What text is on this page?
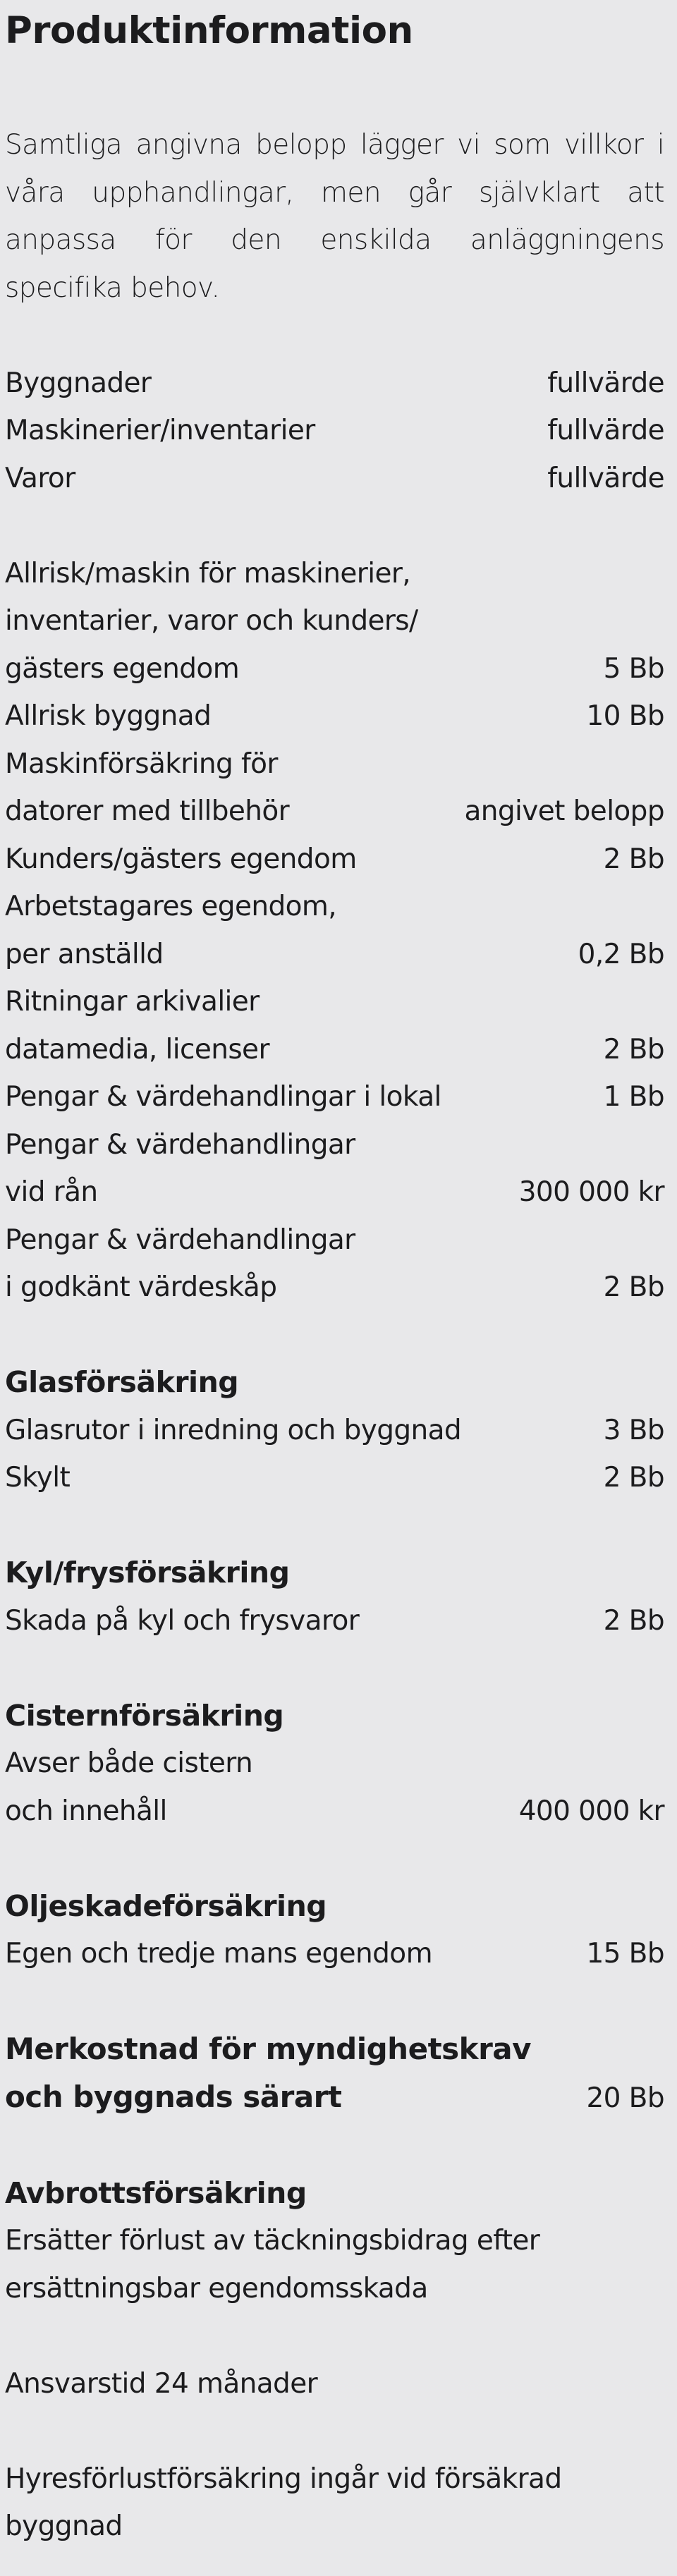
Produktinformation
Samtliga angivna belopp lägger vi som villkor i våra upphandlingar, men går självklart att anpassa för den enskilda anläggningens specifika behov.
Byggnader	fullvärde
Maskinerier/inventarier	fullvärde
Varor	fullvärde
Allrisk/maskin för maskinerier,
inventarier, varor och kunders/
gästers egendom	5 Bb
Allrisk byggnad	10 Bb
Maskinförsäkring för
datorer med tillbehör	angivet belopp
Kunders/gästers egendom	2 Bb
Arbetstagares egendom,
per anställd	0,2 Bb
Ritningar arkivalier
datamedia, licenser	2 Bb
Pengar & värdehandlingar i lokal	1 Bb
Pengar & värdehandlingar
vid rån	300 000 kr
Pengar & värdehandlingar
i godkänt värdeskåp	2 Bb
Glasförsäkring
Glasrutor i inredning och byggnad	3 Bb
Skylt	2 Bb
Kyl/frysförsäkring
Skada på kyl och frysvaror	2 Bb
Cisternförsäkring
Avser både cistern
och innehåll	400 000 kr
Oljeskadeförsäkring
Egen och tredje mans egendom	15 Bb
Merkostnad för myndighetskrav
och byggnads särart	20 Bb
Avbrottsförsäkring
Ersätter förlust av täckningsbidrag efter
ersättningsbar egendomsskada
Ansvarstid 24 månader
Hyresförlustförsäkring ingår vid försäkrad
byggnad
